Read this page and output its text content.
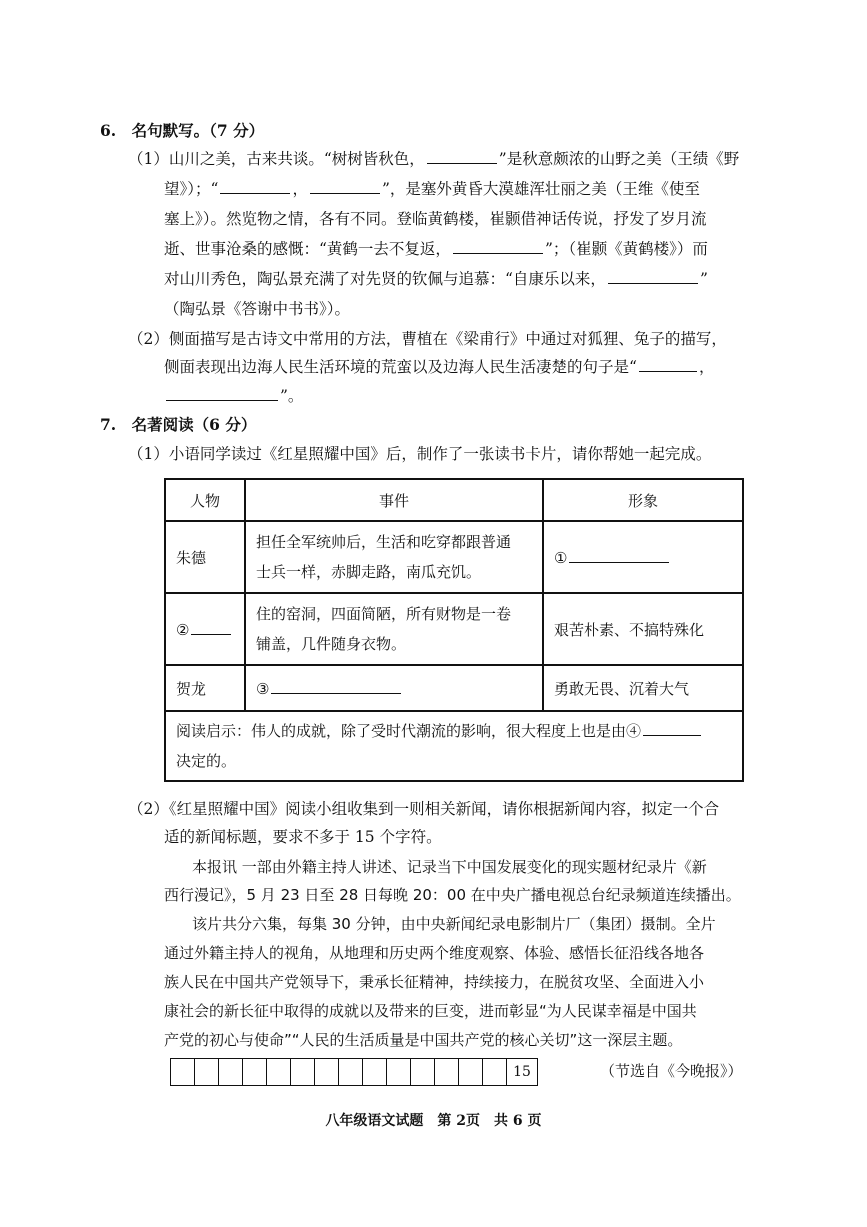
6.　名句默写。（7 分）
（1）山川之美，古来共谈。“树树皆秋色，	”是秋意颇浓的山野之美（王绩《野
望》）；“	，	”，是塞外黄昏大漠雄浑壮丽之美（王维《使至
塞上》）。然览物之情，各有不同。登临黄鹤楼，崔颢借神话传说，抒发了岁月流
逝、世事沧桑的感慨：“黄鹤一去不复返，	”；（崔颢《黄鹤楼》）而
对山川秀色，陶弘景充满了对先贤的钦佩与追慕：“自康乐以来，	”
（陶弘景《答谢中书书》）。
（2）侧面描写是古诗文中常用的方法，曹植在《梁甫行》中通过对狐狸、兔子的描写，
侧面表现出边海人民生活环境的荒蛮以及边海人民生活凄楚的句子是“	，
”。
7.　名著阅读（6 分）
（1）小语同学读过《红星照耀中国》后，制作了一张读书卡片，请你帮她一起完成。
人物	事件	形象
朱德	担任全军统帅后，生活和吃穿都跟普通
士兵一样，赤脚走路，南瓜充饥。	①
②	住的窑洞，四面简陋，所有财物是一卷
铺盖，几件随身衣物。	艰苦朴素、不搞特殊化
贺龙	③	勇敢无畏、沉着大气

阅读启示：伟人的成就，除了受时代潮流的影响，很大程度上也是由④
决定的。		
（2）《红星照耀中国》阅读小组收集到一则相关新闻，请你根据新闻内容，拟定一个合
适的新闻标题，要求不多于 15 个字符。
本报讯 一部由外籍主持人讲述、记录当下中国发展变化的现实题材纪录片《新
西行漫记》，5 月 23 日至 28 日每晚 20：00 在中央广播电视总台纪录频道连续播出。
该片共分六集，每集 30 分钟，由中央新闻纪录电影制片厂（集团）摄制。全片
通过外籍主持人的视角，从地理和历史两个维度观察、体验、感悟长征沿线各地各
族人民在中国共产党领导下，秉承长征精神，持续接力，在脱贫攻坚、全面进入小
康社会的新长征中取得的成就以及带来的巨变，进而彰显“为人民谋幸福是中国共
产党的初心与使命”“人民的生活质量是中国共产党的核心关切”这一深层主题。
15	（节选自《今晚报》）
八年级语文试题　第 2页　共 6 页
